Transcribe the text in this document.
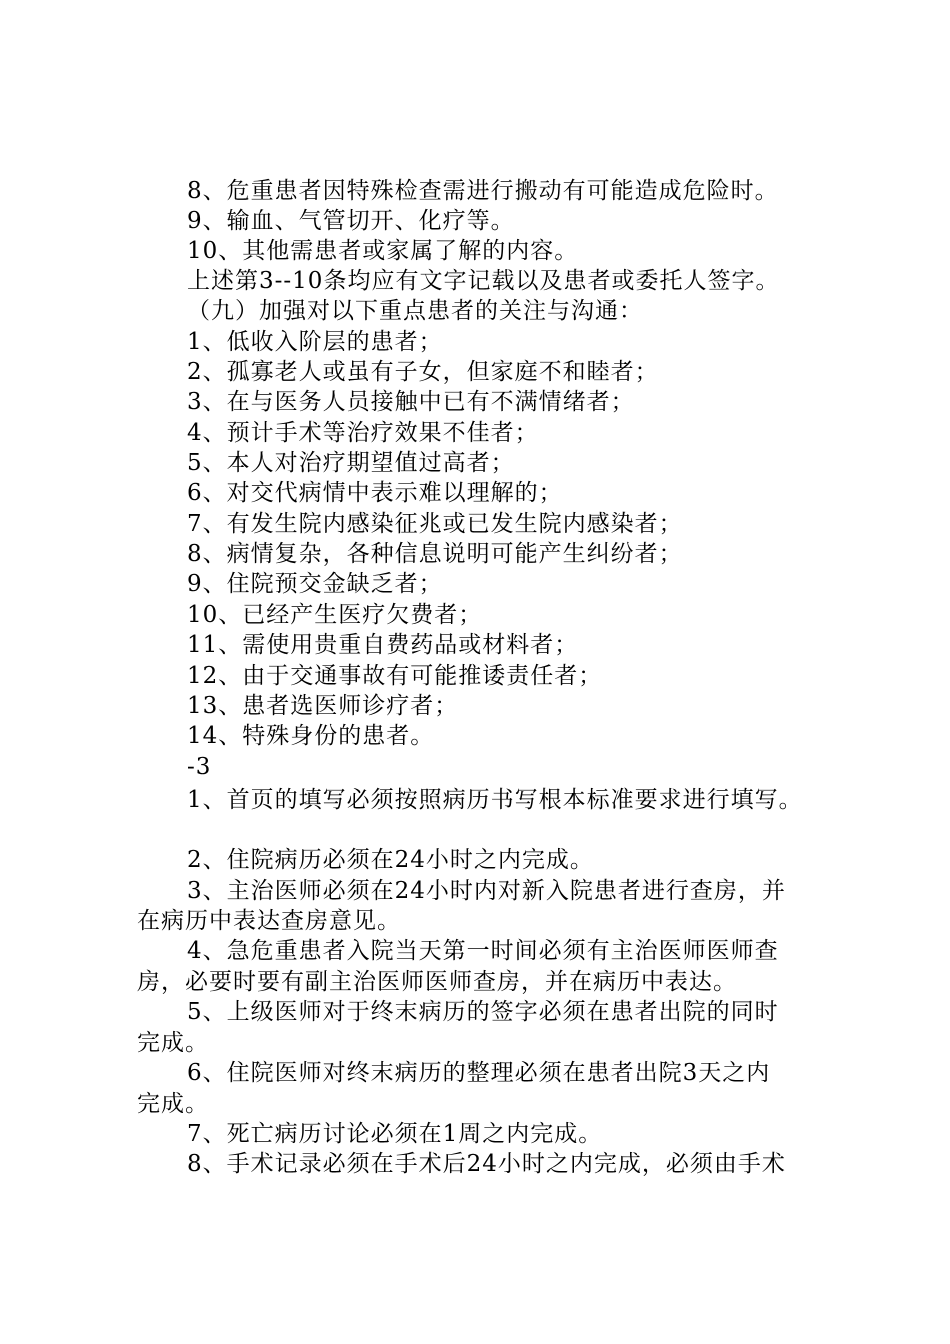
8、危重患者因特殊检查需进行搬动有可能造成危险时。
9、输血、气管切开、化疗等。
10、其他需患者或家属了解的内容。
上述第3--10条均应有文字记载以及患者或委托人签字。
（九）加强对以下重点患者的关注与沟通：
1、低收入阶层的患者；
2、孤寡老人或虽有子女，但家庭不和睦者；
3、在与医务人员接触中已有不满情绪者；
4、预计手术等治疗效果不佳者；
5、本人对治疗期望值过高者；
6、对交代病情中表示难以理解的；
7、有发生院内感染征兆或已发生院内感染者；
8、病情复杂，各种信息说明可能产生纠纷者；
9、住院预交金缺乏者；
10、已经产生医疗欠费者；
11、需使用贵重自费药品或材料者；
12、由于交通事故有可能推诿责任者；
13、患者选医师诊疗者；
14、特殊身份的患者。
-3
1、首页的填写必须按照病历书写根本标准要求进行填写。
2、住院病历必须在24小时之内完成。
3、主治医师必须在24小时内对新入院患者进行查房，并
在病历中表达查房意见。
4、急危重患者入院当天第一时间必须有主治医师医师查
房，必要时要有副主治医师医师查房，并在病历中表达。
5、上级医师对于终末病历的签字必须在患者出院的同时
完成。
6、住院医师对终末病历的整理必须在患者出院3天之内
完成。
7、死亡病历讨论必须在1周之内完成。
8、手术记录必须在手术后24小时之内完成，必须由手术
